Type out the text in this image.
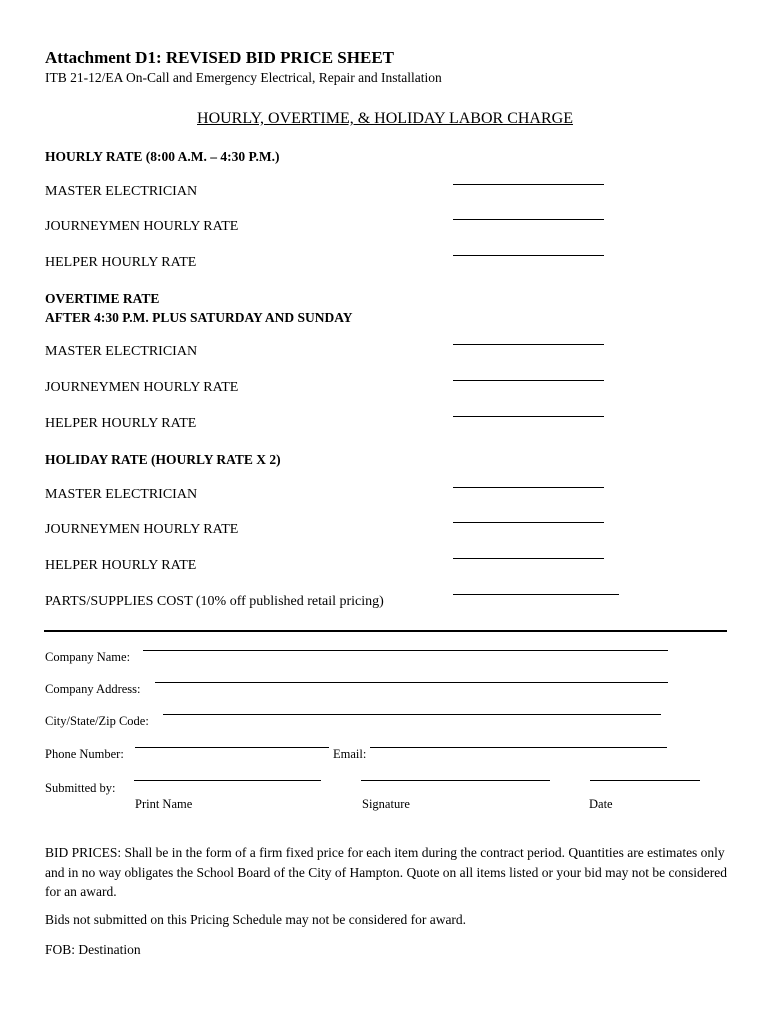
Attachment D1: REVISED BID PRICE SHEET
ITB 21-12/EA On-Call and Emergency Electrical, Repair and Installation
HOURLY, OVERTIME, & HOLIDAY LABOR CHARGE
HOURLY RATE (8:00 A.M. – 4:30 P.M.)
MASTER ELECTRICIAN
JOURNEYMEN HOURLY RATE
HELPER HOURLY RATE
OVERTIME RATE
AFTER 4:30 P.M. PLUS SATURDAY AND SUNDAY
MASTER ELECTRICIAN
JOURNEYMEN HOURLY RATE
HELPER HOURLY RATE
HOLIDAY RATE (HOURLY RATE X 2)
MASTER ELECTRICIAN
JOURNEYMEN HOURLY RATE
HELPER HOURLY RATE
PARTS/SUPPLIES COST (10% off published retail pricing)
Company Name:
Company Address:
City/State/Zip Code:
Phone Number:	Email:
Submitted by:
Print Name	Signature	Date
BID PRICES: Shall be in the form of a firm fixed price for each item during the contract period. Quantities are estimates only and in no way obligates the School Board of the City of Hampton. Quote on all items listed or your bid may not be considered for an award.
Bids not submitted on this Pricing Schedule may not be considered for award.
FOB: Destination
